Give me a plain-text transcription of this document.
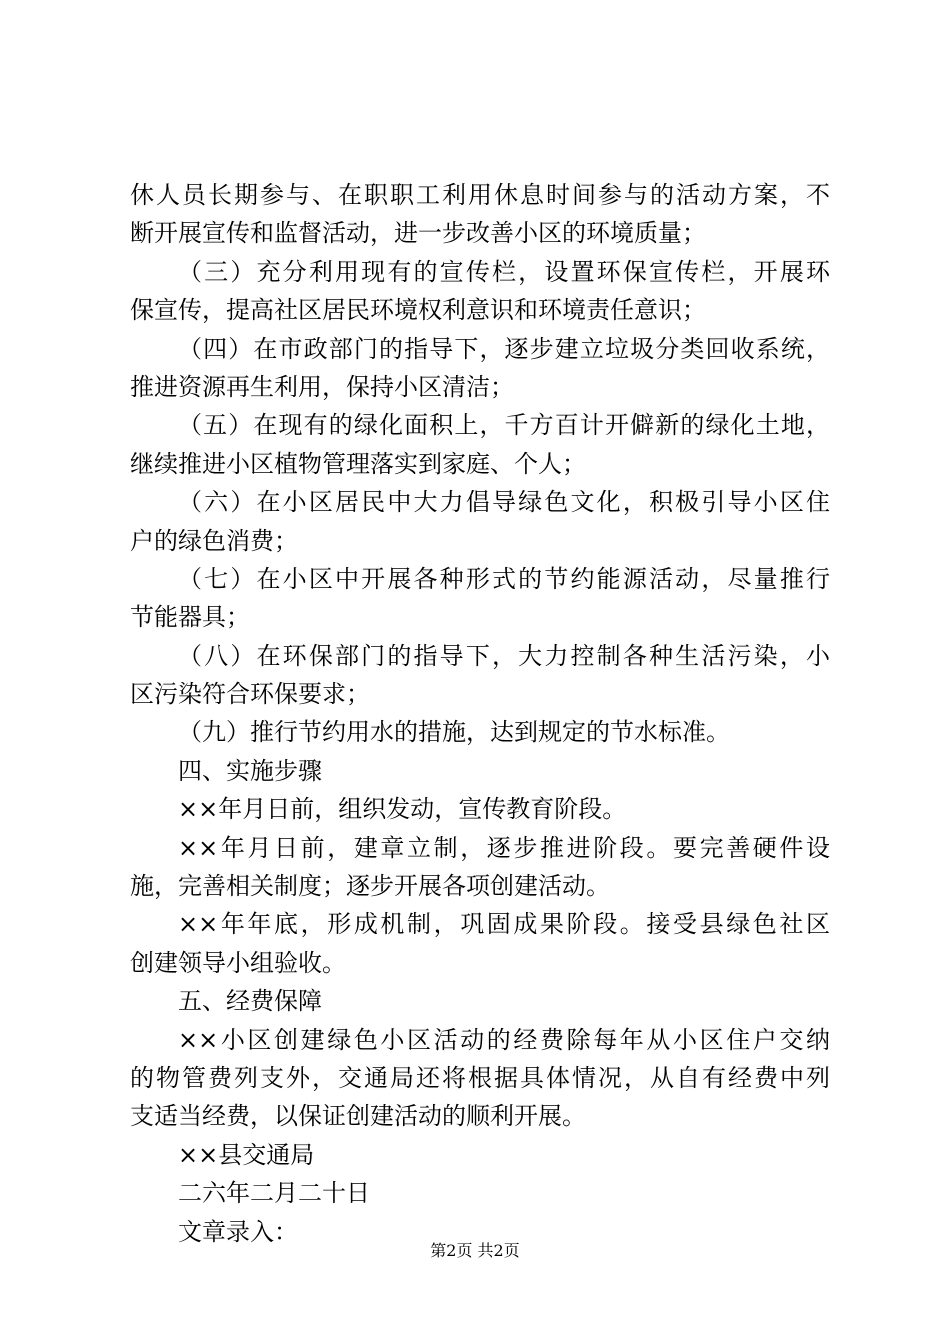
休人员长期参与、在职职工利用休息时间参与的活动方案，不
断开展宣传和监督活动，进一步改善小区的环境质量；
（三）充分利用现有的宣传栏，设置环保宣传栏，开展环
保宣传，提高社区居民环境权利意识和环境责任意识；
（四）在市政部门的指导下，逐步建立垃圾分类回收系统，
推进资源再生利用，保持小区清洁；
（五）在现有的绿化面积上，千方百计开僻新的绿化土地，
继续推进小区植物管理落实到家庭、个人；
（六）在小区居民中大力倡导绿色文化，积极引导小区住
户的绿色消费；
（七）在小区中开展各种形式的节约能源活动，尽量推行
节能器具；
（八）在环保部门的指导下，大力控制各种生活污染，小
区污染符合环保要求；
（九）推行节约用水的措施，达到规定的节水标准。
四、实施步骤
××年月日前，组织发动，宣传教育阶段。
××年月日前，建章立制，逐步推进阶段。要完善硬件设
施，完善相关制度；逐步开展各项创建活动。
××年年底，形成机制，巩固成果阶段。接受县绿色社区
创建领导小组验收。
五、经费保障
××小区创建绿色小区活动的经费除每年从小区住户交纳
的物管费列支外，交通局还将根据具体情况，从自有经费中列
支适当经费，以保证创建活动的顺利开展。
××县交通局
二六年二月二十日
文章录入：
第2页 共2页
